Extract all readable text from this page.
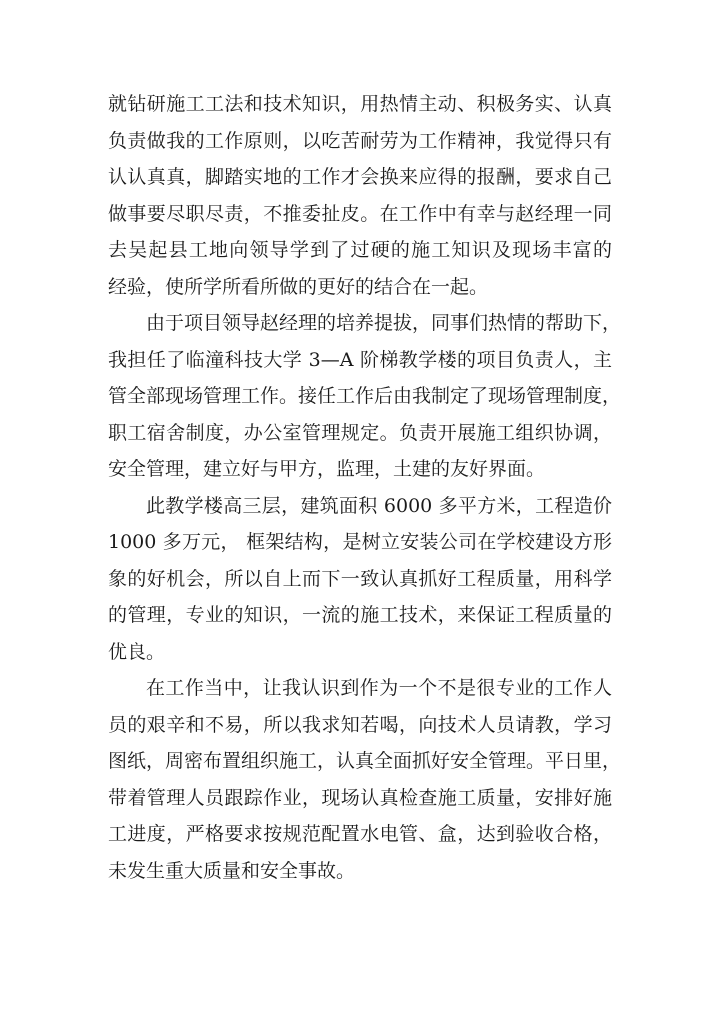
就钻研施工工法和技术知识，用热情主动、积极务实、认真
负责做我的工作原则，以吃苦耐劳为工作精神，我觉得只有
认认真真，脚踏实地的工作才会换来应得的报酬，要求自己
做事要尽职尽责，不推委扯皮。在工作中有幸与赵经理一同
去吴起县工地向领导学到了过硬的施工知识及现场丰富的
经验，使所学所看所做的更好的结合在一起。
由于项目领导赵经理的培养提拔，同事们热情的帮助下，
我担任了临潼科技大学 3—A 阶梯教学楼的项目负责人，主
管全部现场管理工作。接任工作后由我制定了现场管理制度，
职工宿舍制度，办公室管理规定。负责开展施工组织协调，
安全管理，建立好与甲方，监理，土建的友好界面。
此教学楼高三层，建筑面积 6000 多平方米，工程造价
1000 多万元， 框架结构，是树立安装公司在学校建设方形
象的好机会，所以自上而下一致认真抓好工程质量，用科学
的管理，专业的知识，一流的施工技术，来保证工程质量的
优良。
在工作当中，让我认识到作为一个不是很专业的工作人
员的艰辛和不易，所以我求知若喝，向技术人员请教，学习
图纸，周密布置组织施工，认真全面抓好安全管理。平日里，
带着管理人员跟踪作业，现场认真检查施工质量，安排好施
工进度，严格要求按规范配置水电管、盒，达到验收合格，
未发生重大质量和安全事故。
